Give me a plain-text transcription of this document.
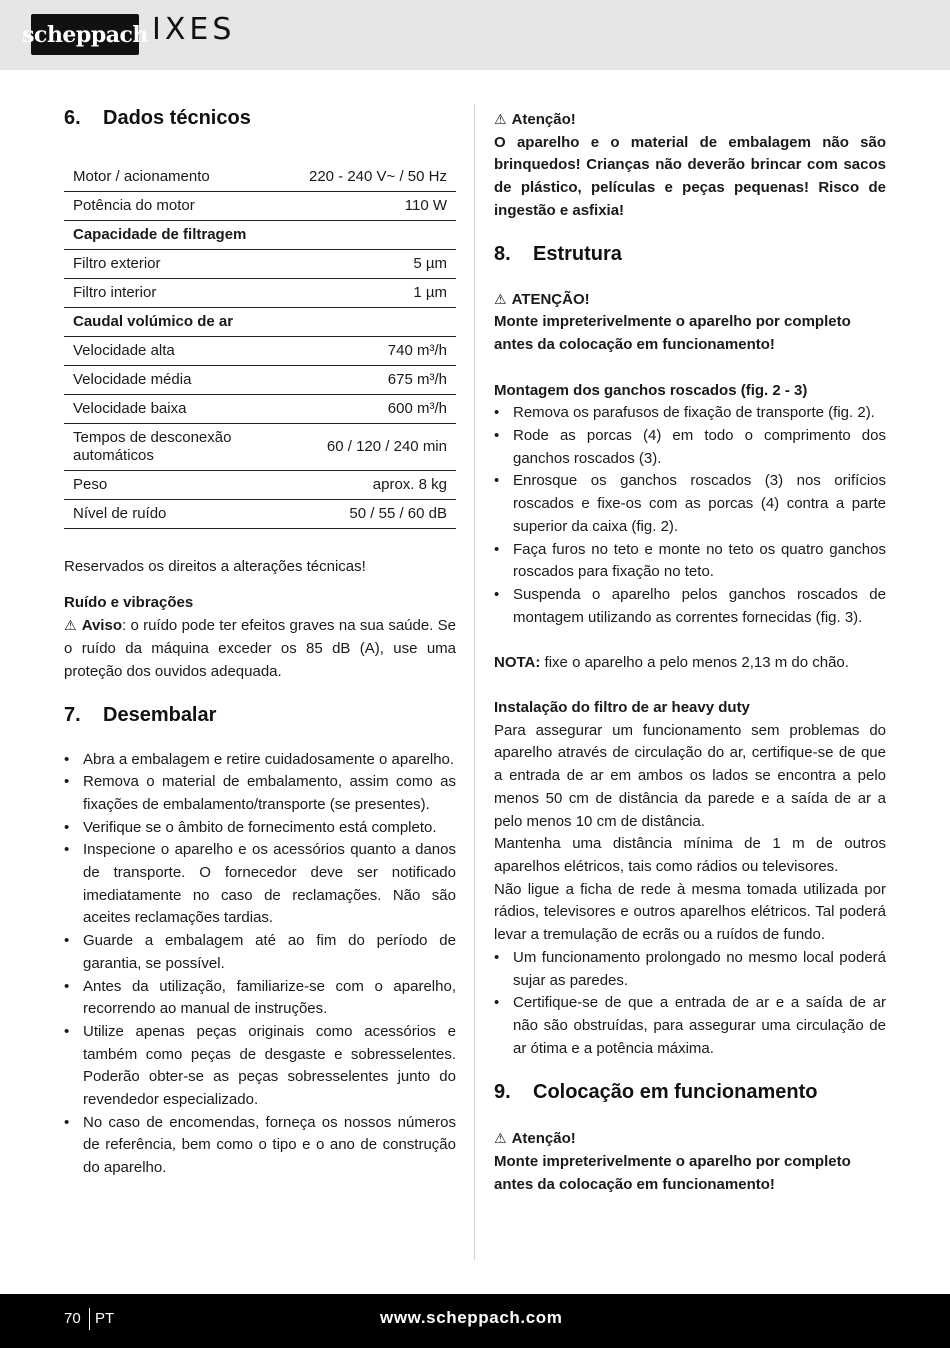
scheppach IXES
6.	Dados técnicos
Motor / acionamento	220 - 240 V~ / 50 Hz
Potência do motor	110 W
Capacidade de filtragem	
Filtro exterior	5 µm
Filtro interior	1 µm
Caudal volúmico de ar	
Velocidade alta	740 m³/h
Velocidade média	675 m³/h
Velocidade baixa	600 m³/h
Tempos de desconexão automáticos	60 / 120 / 240 min
Peso	aprox. 8 kg
Nível de ruído	50 / 55 / 60 dB

Reservados os direitos a alterações técnicas!

Ruído e vibrações

⚠ Aviso: o ruído pode ter efeitos graves na sua saúde. Se o ruído da máquina exceder os 85 dB (A), use uma proteção dos ouvidos adequada.

7.	Desembalar
• Abra a embalagem e retire cuidadosamente o aparelho.
• Remova o material de embalamento, assim como as fixações de embalamento/transporte (se presentes).
• Verifique se o âmbito de fornecimento está completo.
• Inspecione o aparelho e os acessórios quanto a danos de transporte. O fornecedor deve ser notificado imediatamente no caso de reclamações. Não são aceites reclamações tardias.
• Guarde a embalagem até ao fim do período de garantia, se possível.
• Antes da utilização, familiarize-se com o aparelho, recorrendo ao manual de instruções.
• Utilize apenas peças originais como acessórios e também como peças de desgaste e sobresselentes. Poderão obter-se as peças sobresselentes junto do revendedor especializado.
• No caso de encomendas, forneça os nossos números de referência, bem como o tipo e o ano de construção do aparelho.

⚠ Atenção!

O aparelho e o material de embalagem não são brinquedos! Crianças não deverão brincar com sacos de plástico, películas e peças pequenas! Risco de ingestão e asfixia!

8.	Estrutura

⚠ ATENÇÃO!

Monte impreterivelmente o aparelho por completo antes da colocação em funcionamento!

Montagem dos ganchos roscados (fig. 2 - 3)

• Remova os parafusos de fixação de transporte (fig. 2).
• Rode as porcas (4) em todo o comprimento dos ganchos roscados (3).
• Enrosque os ganchos roscados (3) nos orifícios roscados e fixe-os com as porcas (4) contra a parte superior da caixa (fig. 2).
• Faça furos no teto e monte no teto os quatro ganchos roscados para fixação no teto.
• Suspenda o aparelho pelos ganchos roscados de montagem utilizando as correntes fornecidas (fig. 3).

NOTA: fixe o aparelho a pelo menos 2,13 m do chão.

Instalação do filtro de ar heavy duty

Para assegurar um funcionamento sem problemas do aparelho através de circulação do ar, certifique-se de que a entrada de ar em ambos os lados se encontra a pelo menos 50 cm de distância da parede e a saída de ar a pelo menos 10 cm de distância.

Mantenha uma distância mínima de 1 m de outros aparelhos elétricos, tais como rádios ou televisores.

Não ligue a ficha de rede à mesma tomada utilizada por rádios, televisores e outros aparelhos elétricos. Tal poderá levar a tremulação de ecrãs ou a ruídos de fundo.

• Um funcionamento prolongado no mesmo local poderá sujar as paredes.
• Certifique-se de que a entrada de ar e a saída de ar não são obstruídas, para assegurar uma circulação de ar ótima e a potência máxima.
9.	Colocação em funcionamento

⚠ Atenção!

Monte impreterivelmente o aparelho por completo antes da colocação em funcionamento!

70 PT	www.scheppach.com
